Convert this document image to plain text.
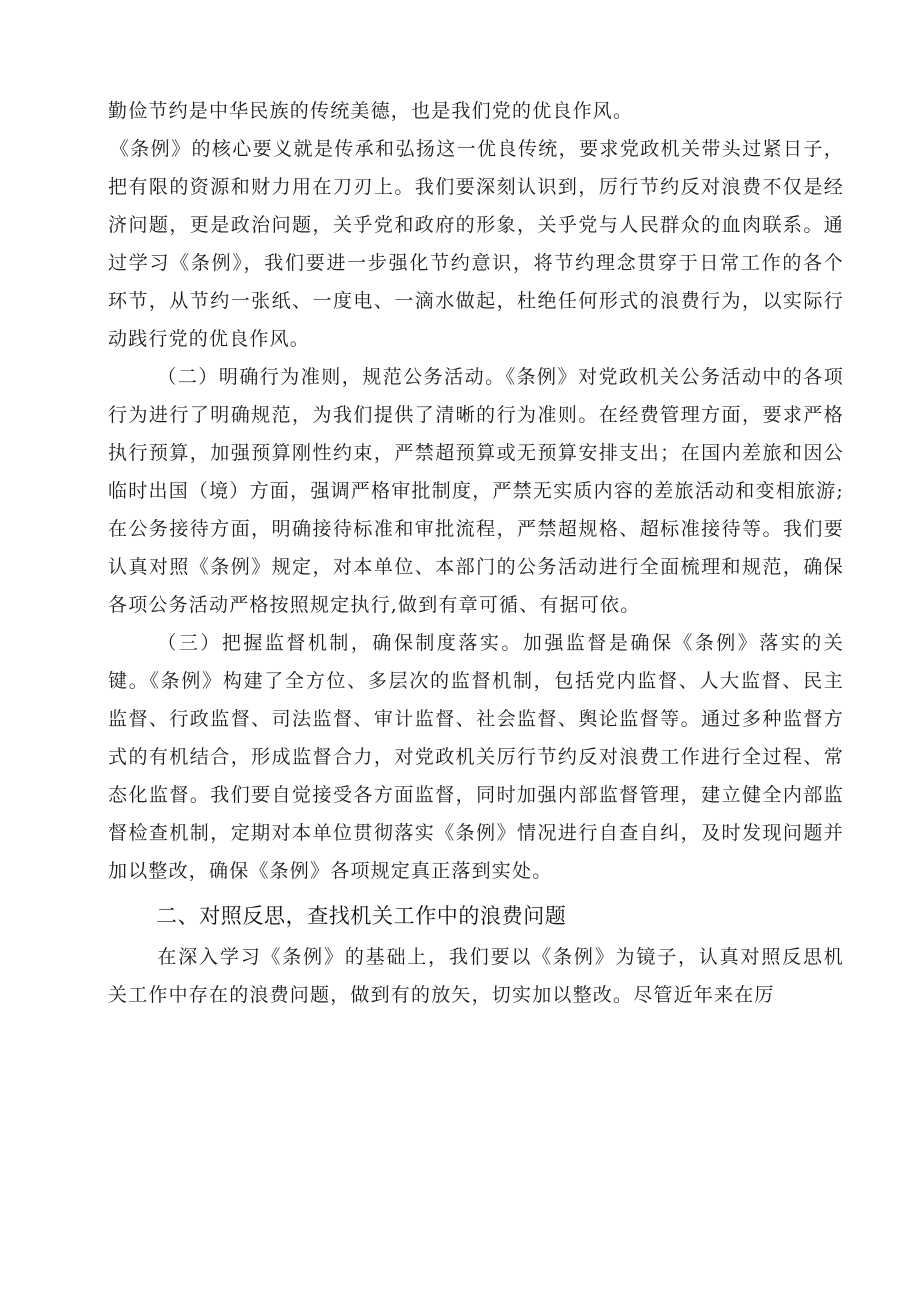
勤俭节约是中华民族的传统美德，也是我们党的优良作风。

《条例》的核心要义就是传承和弘扬这一优良传统，要求党政机关带头过紧日子，把有限的资源和财力用在刀刃上。我们要深刻认识到，厉行节约反对浪费不仅是经济问题，更是政治问题，关乎党和政府的形象，关乎党与人民群众的血肉联系。通过学习《条例》，我们要进一步强化节约意识，将节约理念贯穿于日常工作的各个环节，从节约一张纸、一度电、一滴水做起，杜绝任何形式的浪费行为，以实际行动践行党的优良作风。

（二）明确行为准则，规范公务活动。《条例》对党政机关公务活动中的各项行为进行了明确规范，为我们提供了清晰的行为准则。在经费管理方面，要求严格执行预算，加强预算刚性约束，严禁超预算或无预算安排支出；在国内差旅和因公临时出国（境）方面，强调严格审批制度，严禁无实质内容的差旅活动和变相旅游;在公务接待方面，明确接待标准和审批流程，严禁超规格、超标准接待等。我们要认真对照《条例》规定，对本单位、本部门的公务活动进行全面梳理和规范，确保各项公务活动严格按照规定执行,做到有章可循、有据可依。

（三）把握监督机制，确保制度落实。加强监督是确保《条例》落实的关键。《条例》构建了全方位、多层次的监督机制，包括党内监督、人大监督、民主监督、行政监督、司法监督、审计监督、社会监督、舆论监督等。通过多种监督方式的有机结合，形成监督合力，对党政机关厉行节约反对浪费工作进行全过程、常态化监督。我们要自觉接受各方面监督，同时加强内部监督管理，建立健全内部监督检查机制，定期对本单位贯彻落实《条例》情况进行自查自纠，及时发现问题并加以整改，确保《条例》各项规定真正落到实处。

二、对照反思，查找机关工作中的浪费问题

在深入学习《条例》的基础上，我们要以《条例》为镜子，认真对照反思机关工作中存在的浪费问题，做到有的放矢，切实加以整改。尽管近年来在厉
